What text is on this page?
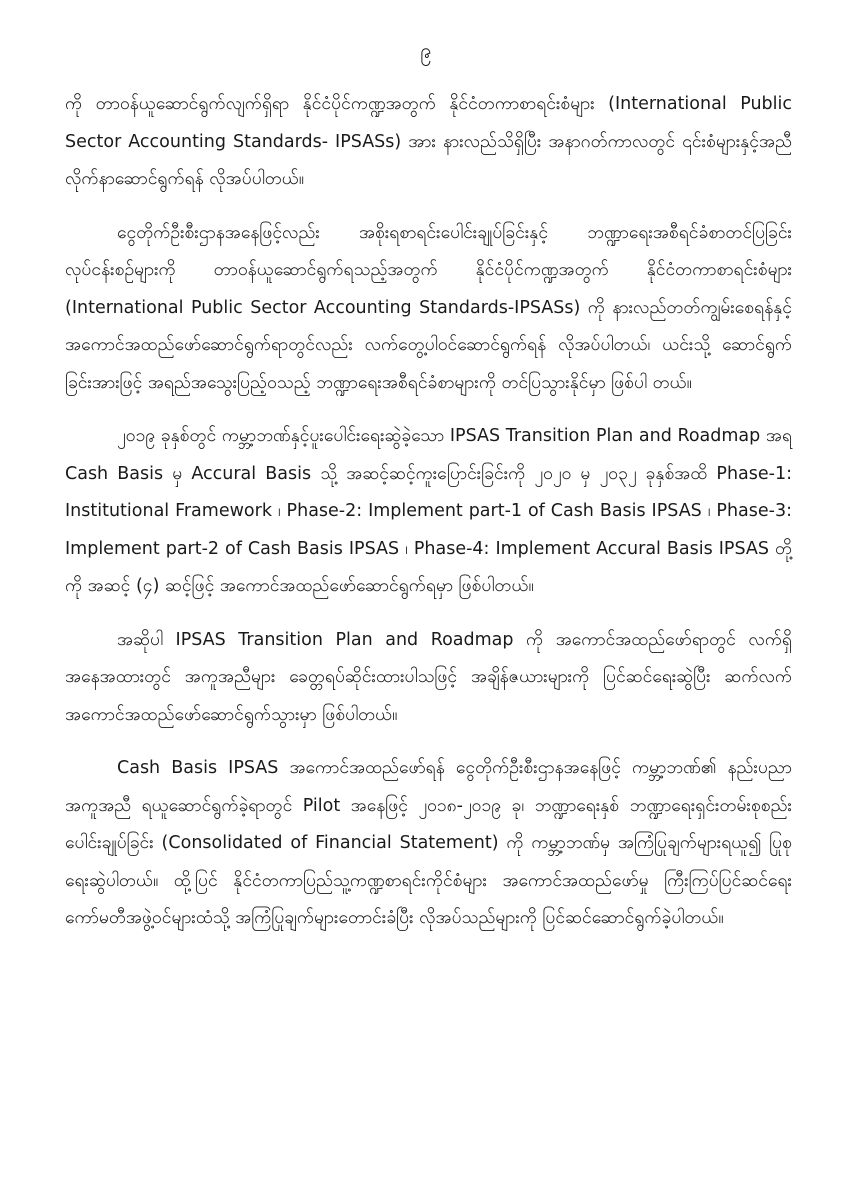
၉

ကို တာဝန်ယူဆောင်ရွက်လျက်ရှိရာ နိုင်ငံပိုင်ကဏ္ဍအတွက် နိုင်ငံတကာစာရင်းစံများ (International Public Sector Accounting Standards- IPSASs) အား နားလည်သိရှိပြီး အနာဂတ်ကာလတွင် ၎င်းစံများနှင့်အညီ လိုက်နာဆောင်ရွက်ရန် လိုအပ်ပါတယ်။

ငွေတိုက်ဦးစီးဌာနအနေဖြင့်လည်း အစိုးရစာရင်းပေါင်းချုပ်ခြင်းနှင့် ဘဏ္ဍာရေးအစီရင်ခံစာတင်ပြခြင်း လုပ်ငန်းစဉ်များကို တာဝန်ယူဆောင်ရွက်ရသည့်အတွက် နိုင်ငံပိုင်ကဏ္ဍအတွက် နိုင်ငံတကာစာရင်းစံများ (International Public Sector Accounting Standards-IPSASs) ကို နားလည်တတ်ကျွမ်းစေရန်နှင့် အကောင်အထည်ဖော်ဆောင်ရွက်ရာတွင်လည်း လက်တွေ့ပါဝင်ဆောင်ရွက်ရန် လိုအပ်ပါတယ်၊ ယင်းသို့ ဆောင်ရွက်ခြင်းအားဖြင့် အရည်အသွေးပြည့်ဝသည့် ဘဏ္ဍာရေးအစီရင်ခံစာများကို တင်ပြသွားနိုင်မှာ ဖြစ်ပါ တယ်။

၂၀၁၉ ခုနှစ်တွင် ကမ္ဘာ့ဘဏ်နှင့်ပူးပေါင်းရေးဆွဲခဲ့သော IPSAS Transition Plan and Roadmap အရ Cash Basis မှ Accural Basis သို့ အဆင့်ဆင့်ကူးပြောင်းခြင်းကို ၂၀၂၀ မှ ၂၀၃၂ ခုနှစ်အထိ Phase-1: Institutional Framework ၊ Phase-2: Implement part-1 of Cash Basis IPSAS ၊ Phase-3: Implement part-2 of Cash Basis IPSAS ၊ Phase-4: Implement Accural Basis IPSAS တို့ကို အဆင့် (၄) ဆင့်ဖြင့် အကောင်အထည်ဖော်ဆောင်ရွက်ရမှာ ဖြစ်ပါတယ်။

အဆိုပါ IPSAS Transition Plan and Roadmap ကို အကောင်အထည်ဖော်ရာတွင် လက်ရှိအနေအထားတွင် အကူအညီများ ခေတ္တရပ်ဆိုင်းထားပါသဖြင့် အချိန်ဇယားများကို ပြင်ဆင်ရေးဆွဲပြီး ဆက်လက်အကောင်အထည်ဖော်ဆောင်ရွက်သွားမှာ ဖြစ်ပါတယ်။

Cash Basis IPSAS အကောင်အထည်ဖော်ရန် ငွေတိုက်ဦးစီးဌာနအနေဖြင့် ကမ္ဘာ့ဘဏ်၏ နည်းပညာအကူအညီ ရယူဆောင်ရွက်ခဲ့ရာတွင် Pilot အနေဖြင့် ၂၀၁၈-၂၀၁၉ ခု၊ ဘဏ္ဍာရေးနှစ် ဘဏ္ဍာရေးရှင်းတမ်းစုစည်းပေါင်းချုပ်ခြင်း (Consolidated of Financial Statement) ကို ကမ္ဘာ့ဘဏ်မှ အကြံပြုချက်များရယူ၍ ပြုစုရေးဆွဲပါတယ်။ ထို့ပြင် နိုင်ငံတကာပြည်သူ့ကဏ္ဍစာရင်းကိုင်စံများ အကောင်အထည်ဖော်မှု ကြီးကြပ်ပြင်ဆင်ရေး ကော်မတီအဖွဲ့ဝင်များထံသို့ အကြံပြုချက်များတောင်းခံပြီး လိုအပ်သည်များကို ပြင်ဆင်ဆောင်ရွက်ခဲ့ပါတယ်။
